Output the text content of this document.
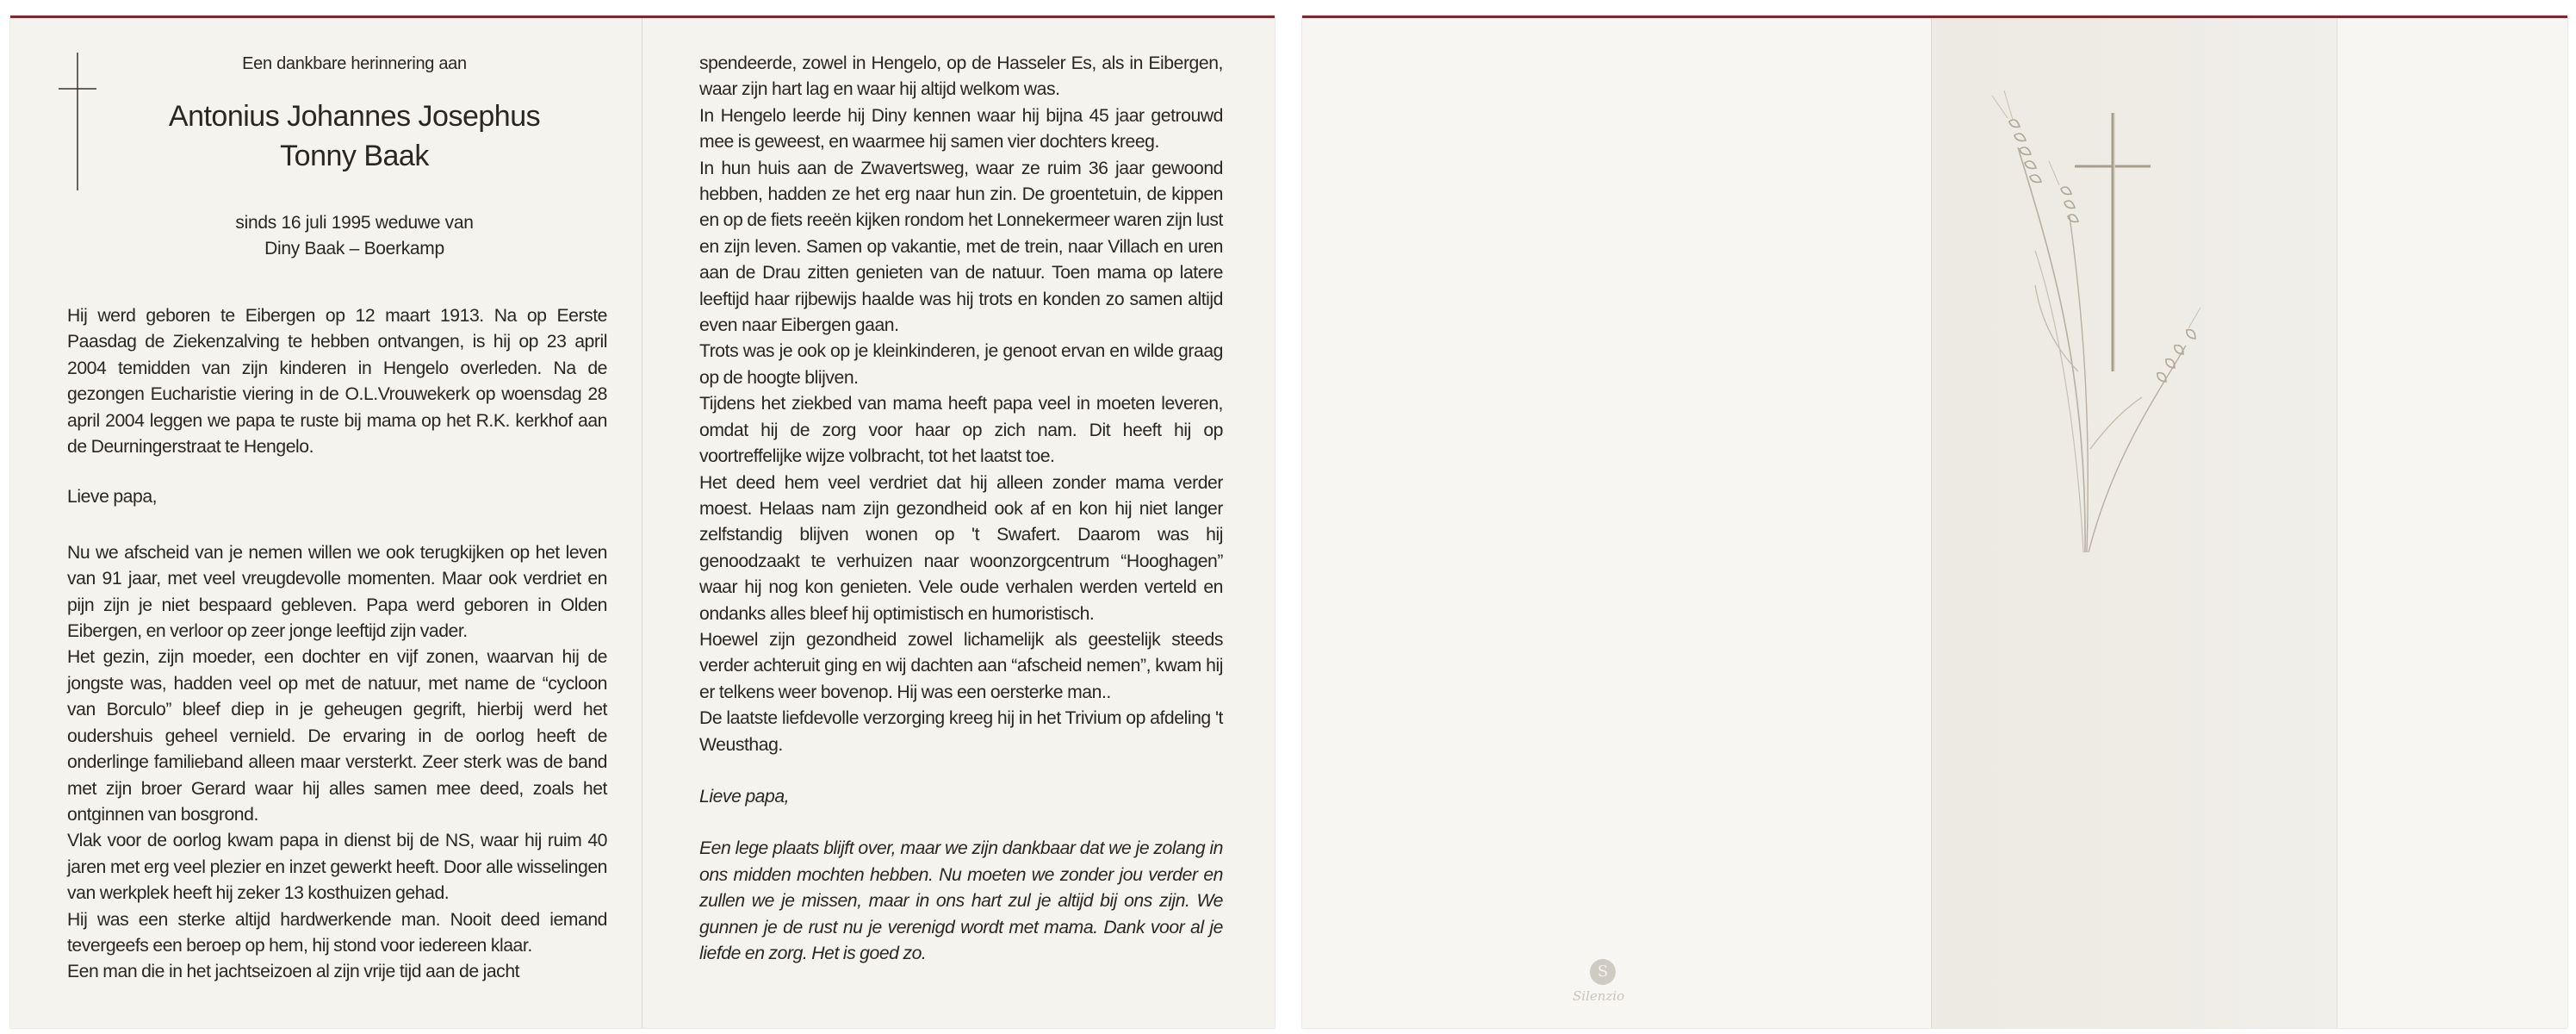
Een dankbare herinnering aan
Antonius Johannes Josephus
Tonny Baak
sinds 16 juli 1995 weduwe van
Diny Baak – Boerkamp

Hij werd geboren te Eibergen op 12 maart 1913. Na op Eerste Paasdag de Ziekenzalving te hebben ontvangen, is hij op 23 april 2004 temidden van zijn kinderen in Hengelo overleden. Na de gezongen Eucharistie viering in de O.L.Vrouwekerk op woensdag 28 april 2004 leggen we papa te ruste bij mama op het R.K. kerkhof aan de Deurningerstraat te Hengelo.

Lieve papa,

Nu we afscheid van je nemen willen we ook terugkijken op het leven van 91 jaar, met veel vreugdevolle momenten. Maar ook verdriet en pijn zijn je niet bespaard gebleven. Papa werd geboren in Olden Eibergen, en verloor op zeer jonge leeftijd zijn vader.

Het gezin, zijn moeder, een dochter en vijf zonen, waarvan hij de jongste was, hadden veel op met de natuur, met name de “cycloon van Borculo” bleef diep in je geheugen gegrift, hierbij werd het oudershuis geheel vernield. De ervaring in de oorlog heeft de onderlinge familieband alleen maar versterkt. Zeer sterk was de band met zijn broer Gerard waar hij alles samen mee deed, zoals het ontginnen van bosgrond.

Vlak voor de oorlog kwam papa in dienst bij de NS, waar hij ruim 40 jaren met erg veel plezier en inzet gewerkt heeft. Door alle wisselingen van werkplek heeft hij zeker 13 kosthuizen gehad.

Hij was een sterke altijd hardwerkende man. Nooit deed iemand tevergeefs een beroep op hem, hij stond voor iedereen klaar.

Een man die in het jachtseizoen al zijn vrije tijd aan de jacht

spendeerde, zowel in Hengelo, op de Hasseler Es, als in Eibergen, waar zijn hart lag en waar hij altijd welkom was.

In Hengelo leerde hij Diny kennen waar hij bijna 45 jaar getrouwd mee is geweest, en waarmee hij samen vier dochters kreeg.

In hun huis aan de Zwavertsweg, waar ze ruim 36 jaar gewoond hebben, hadden ze het erg naar hun zin. De groentetuin, de kippen en op de fiets reeën kijken rondom het Lonnekermeer waren zijn lust en zijn leven. Samen op vakantie, met de trein, naar Villach en uren aan de Drau zitten genieten van de natuur. Toen mama op latere leeftijd haar rijbewijs haalde was hij trots en konden zo samen altijd even naar Eibergen gaan.

Trots was je ook op je kleinkinderen, je genoot ervan en wilde graag op de hoogte blijven.

Tijdens het ziekbed van mama heeft papa veel in moeten leveren, omdat hij de zorg voor haar op zich nam. Dit heeft hij op voortreffelijke wijze volbracht, tot het laatst toe.

Het deed hem veel verdriet dat hij alleen zonder mama verder moest. Helaas nam zijn gezondheid ook af en kon hij niet langer zelfstandig blijven wonen op 't Swafert. Daarom was hij genoodzaakt te verhuizen naar woonzorgcentrum “Hooghagen” waar hij nog kon genieten. Vele oude verhalen werden verteld en ondanks alles bleef hij optimistisch en humoristisch.

Hoewel zijn gezondheid zowel lichamelijk als geestelijk steeds verder achteruit ging en wij dachten aan “afscheid nemen”, kwam hij er telkens weer bovenop. Hij was een oersterke man..

De laatste liefdevolle verzorging kreeg hij in het Trivium op afdeling 't Weusthag.

Lieve papa,

Een lege plaats blijft over, maar we zijn dankbaar dat we je zolang in ons midden mochten hebben. Nu moeten we zonder jou verder en zullen we je missen, maar in ons hart zul je altijd bij ons zijn. We gunnen je de rust nu je verenigd wordt met mama. Dank voor al je liefde en zorg. Het is goed zo.

S
Silenzio
